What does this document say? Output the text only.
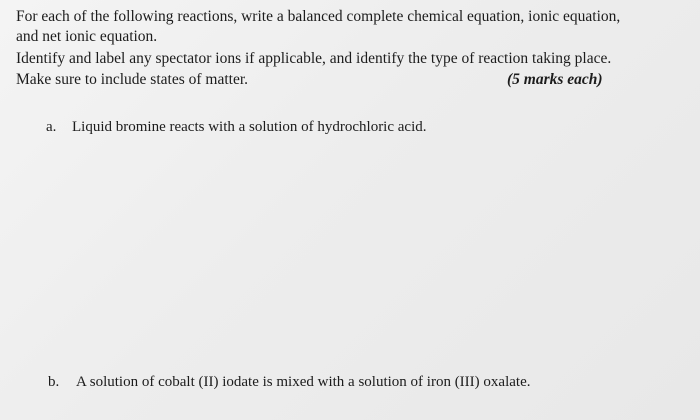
For each of the following reactions, write a balanced complete chemical equation, ionic equation,
and net ionic equation.
Identify and label any spectator ions if applicable, and identify the type of reaction taking place.
Make sure to include states of matter.	(5 marks each)
a. Liquid bromine reacts with a solution of hydrochloric acid.
b. A solution of cobalt (II) iodate is mixed with a solution of iron (III) oxalate.
